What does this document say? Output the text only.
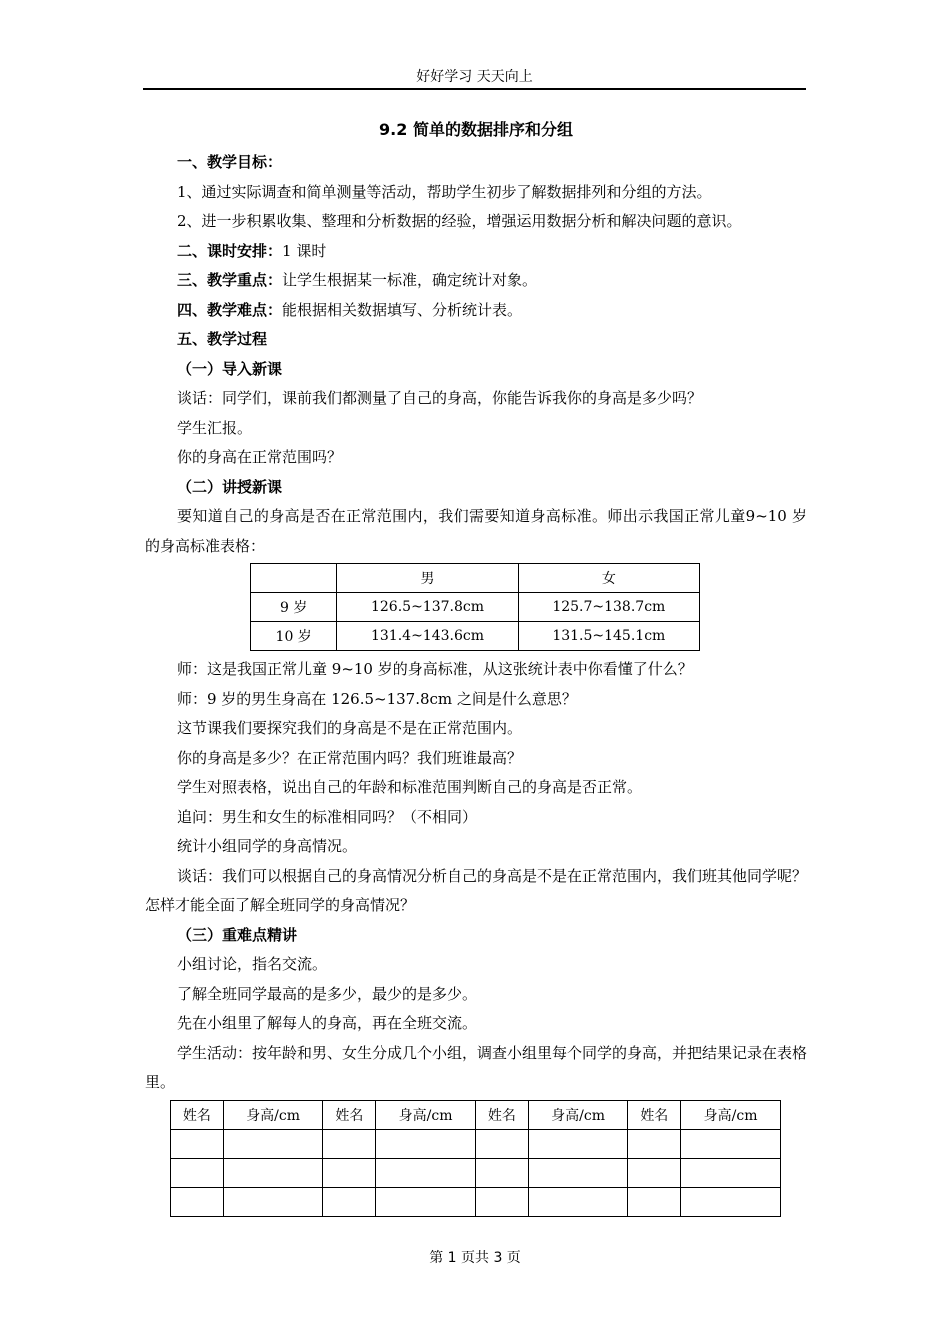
好好学习 天天向上
9.2 简单的数据排序和分组
一、教学目标：
1、通过实际调查和简单测量等活动，帮助学生初步了解数据排列和分组的方法。
2、进一步积累收集、整理和分析数据的经验，增强运用数据分析和解决问题的意识。
二、课时安排：1 课时
三、教学重点：让学生根据某一标准，确定统计对象。
四、教学难点：能根据相关数据填写、分析统计表。
五、教学过程
（一）导入新课
谈话：同学们，课前我们都测量了自己的身高，你能告诉我你的身高是多少吗？
学生汇报。
你的身高在正常范围吗？
（二）讲授新课
要知道自己的身高是否在正常范围内，我们需要知道身高标准。师出示我国正常儿童9~10 岁的身高标准表格：
	男	女
9 岁	126.5~137.8cm	125.7~138.7cm
10 岁	131.4~143.6cm	131.5~145.1cm
师：这是我国正常儿童 9~10 岁的身高标准，从这张统计表中你看懂了什么？
师：9 岁的男生身高在 126.5~137.8cm 之间是什么意思？
这节课我们要探究我们的身高是不是在正常范围内。
你的身高是多少？在正常范围内吗？我们班谁最高？
学生对照表格，说出自己的年龄和标准范围判断自己的身高是否正常。
追问：男生和女生的标准相同吗？（不相同）
统计小组同学的身高情况。
谈话：我们可以根据自己的身高情况分析自己的身高是不是在正常范围内，我们班其他同学呢？怎样才能全面了解全班同学的身高情况？
（三）重难点精讲
小组讨论，指名交流。
了解全班同学最高的是多少，最少的是多少。
先在小组里了解每人的身高，再在全班交流。
学生活动：按年龄和男、女生分成几个小组，调查小组里每个同学的身高，并把结果记录在表格里。
姓名	身高/cm	姓名	身高/cm	姓名	身高/cm	姓名	身高/cm

第 1 页共 3 页
